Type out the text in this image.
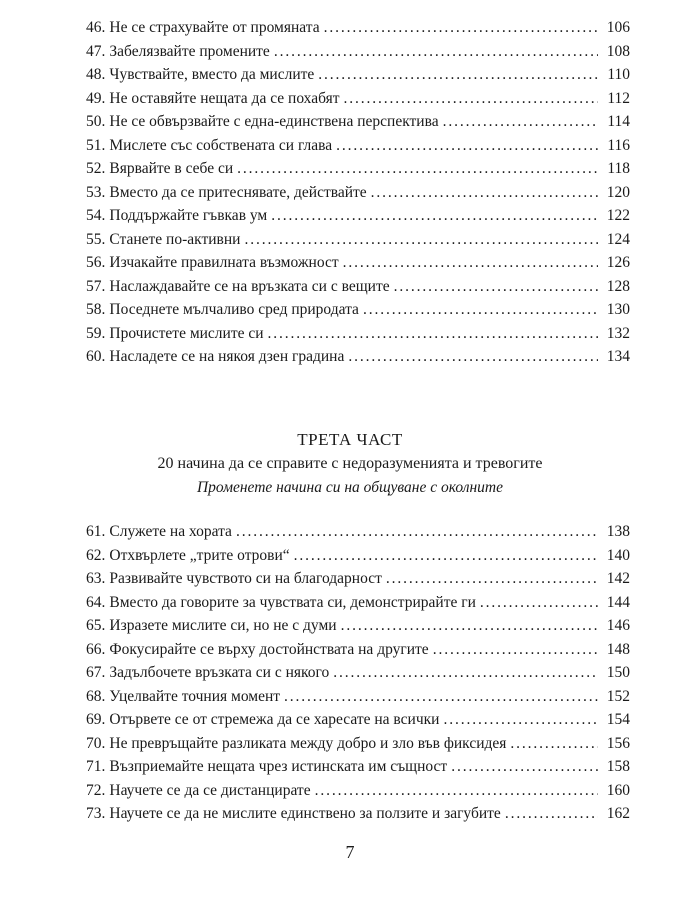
46. Не се страхувайте от промяната . . .	106
47. Забелязвайте промените . . .	108
48. Чувствайте, вместо да мислите . . .	110
49. Не оставяйте нещата да се похабят . . .	112
50. Не се обвързвайте с една-единствена перспектива . . .	114
51. Мислете със собствената си глава . . .	116
52. Вярвайте в себе си . . .	118
53. Вместо да се притеснявате, действайте . . .	120
54. Поддържайте гъвкав ум . . .	122
55. Станете по-активни . . .	124
56. Изчакайте правилната възможност . . .	126
57. Наслаждавайте се на връзката си с вещите . . .	128
58. Поседнете мълчаливо сред природата . . .	130
59. Прочистете мислите си . . .	132
60. Насладете се на някоя дзен градина . . .	134
ТРЕТА ЧАСТ
20 начина да се справите с недоразуменията и тревогите
Променете начина си на общуване с околните
61. Служете на хората . . .	138
62. Отхвърлете „трите отрови“ . . .	140
63. Развивайте чувството си на благодарност . . .	142
64. Вместо да говорите за чувствата си, демонстрирайте ги . . .	144
65. Изразете мислите си, но не с думи . . .	146
66. Фокусирайте се върху достойнствата на другите . . .	148
67. Задълбочете връзката си с някого . . .	150
68. Уцелвайте точния момент . . .	152
69. Отървете се от стремежа да се харесате на всички . . .	154
70. Не превръщайте разликата между добро и зло във фиксидея . . .	156
71. Възприемайте нещата чрез истинската им същност . . .	158
72. Научете се да се дистанцирате . . .	160
73. Научете се да не мислите единствено за ползите и загубите . . .	162
7
